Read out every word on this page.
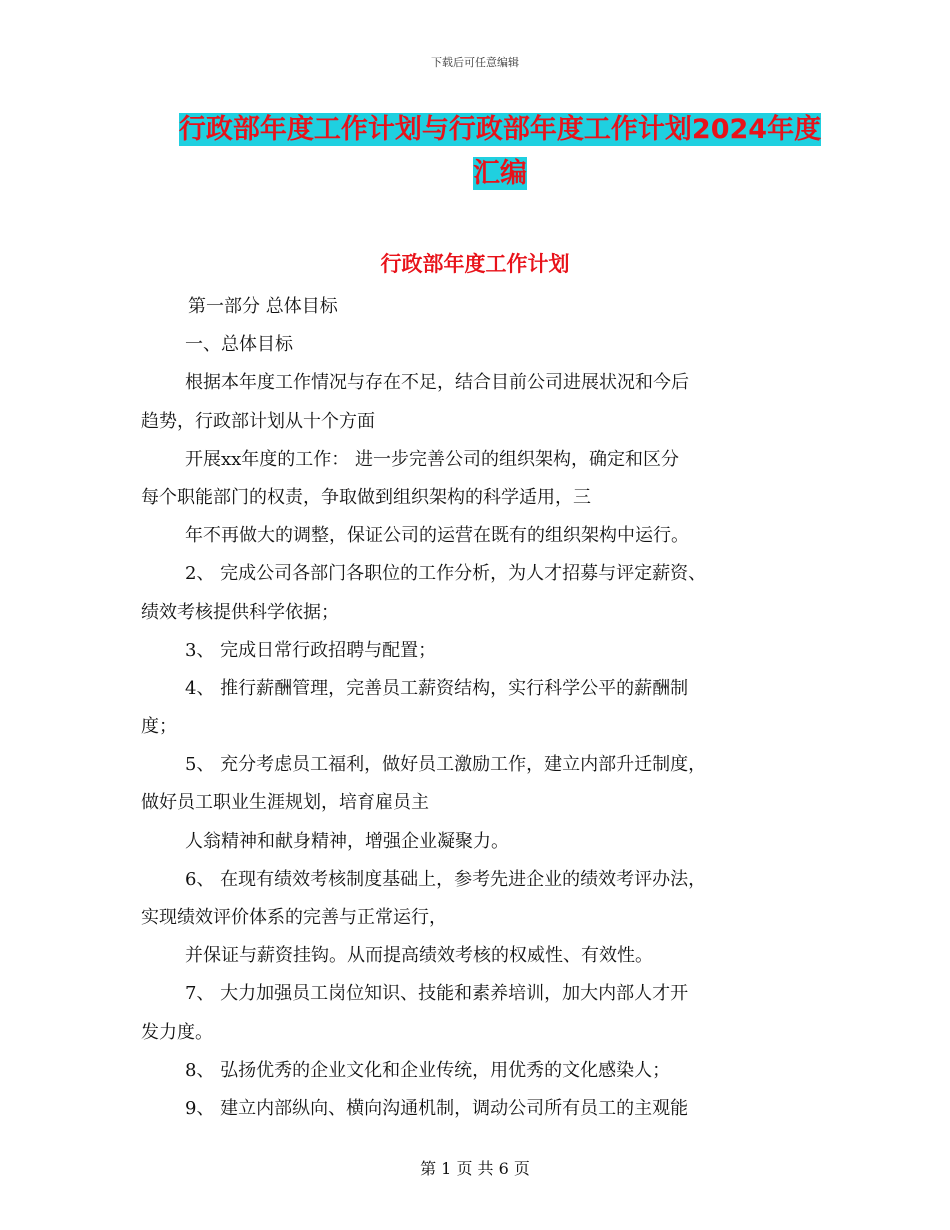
下载后可任意编辑
行政部年度工作计划与行政部年度工作计划2024年度
汇编
行政部年度工作计划
第一部分 总体目标
一、总体目标
根据本年度工作情况与存在不足，结合目前公司进展状况和今后
趋势，行政部计划从十个方面
开展xx年度的工作： 进一步完善公司的组织架构，确定和区分
每个职能部门的权责，争取做到组织架构的科学适用，三
年不再做大的调整，保证公司的运营在既有的组织架构中运行。
2、 完成公司各部门各职位的工作分析，为人才招募与评定薪资、
绩效考核提供科学依据；
3、 完成日常行政招聘与配置；
4、 推行薪酬管理，完善员工薪资结构，实行科学公平的薪酬制
度；
5、 充分考虑员工福利，做好员工激励工作，建立内部升迁制度，
做好员工职业生涯规划，培育雇员主
人翁精神和献身精神，增强企业凝聚力。
6、 在现有绩效考核制度基础上，参考先进企业的绩效考评办法，
实现绩效评价体系的完善与正常运行，
并保证与薪资挂钩。从而提高绩效考核的权威性、有效性。
7、 大力加强员工岗位知识、技能和素养培训，加大内部人才开
发力度。
8、 弘扬优秀的企业文化和企业传统，用优秀的文化感染人；
9、 建立内部纵向、横向沟通机制，调动公司所有员工的主观能
第 1 页 共 6 页
